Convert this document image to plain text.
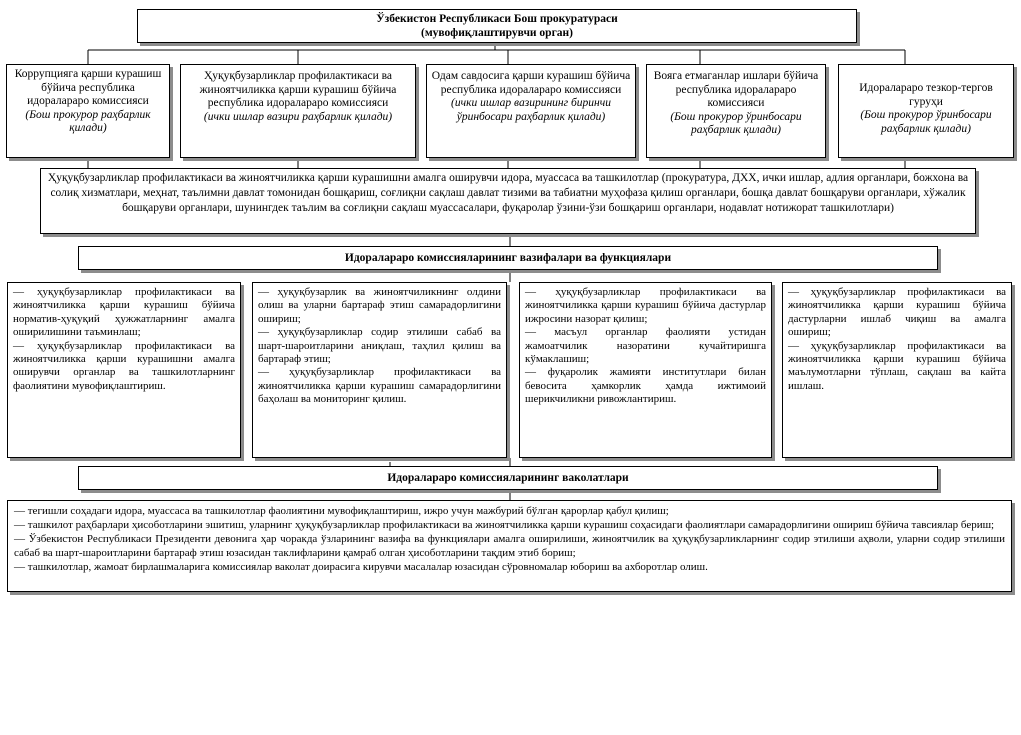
Ўзбекистон Республикаси Бош прокуратураси
(мувофиқлаштирувчи орган)
Коррупцияга қарши курашиш бўйича республика идоралараро комиссияси
(Бош прокурор раҳбарлик қилади)
Ҳуқуқбузарликлар профилактикаси ва жиноятчиликка қарши курашиш бўйича республика идоралараро комиссияси
(ички ишлар вазири раҳбарлик қилади)
Одам савдосига қарши курашиш бўйича республика идоралараро комиссияси
(ички ишлар вазирининг биринчи ўринбосари раҳбарлик қилади)
Вояга етмаганлар ишлари бўйича республика идоралараро комиссияси
(Бош прокурор ўринбосари раҳбарлик қилади)
Идоралараро тезкор-тергов гуруҳи
(Бош прокурор ўринбосари раҳбарлик қилади)
Ҳуқуқбузарликлар профилактикаси ва жиноятчиликка қарши курашишни амалга оширувчи идора, муассаса ва ташкилотлар (прокуратура, ДХХ, ички ишлар, адлия органлари, божхона ва солиқ хизматлари, меҳнат, таълимни давлат томонидан бошқариш, соғлиқни сақлаш давлат тизими ва табиатни муҳофаза қилиш органлари, бошқа давлат бошқаруви органлари, хўжалик бошқаруви органлари, шунингдек таълим ва соғлиқни сақлаш муассасалари, фуқаролар ўзини-ўзи бошқариш органлари, нодавлат нотижорат ташкилотлари)
Идоралараро комиссияларининг вазифалари ва функциялари

— ҳуқуқбузарликлар профилактикаси ва жиноятчиликка қарши курашиш бўйича норматив-ҳуқуқий ҳужжатларнинг амалга оширилишини таъминлаш;

— ҳуқуқбузарликлар профилактикаси ва жиноятчиликка қарши курашишни амалга оширувчи органлар ва ташкилотларнинг фаолиятини мувофиқлаштириш.

— ҳуқуқбузарлик ва жиноятчиликнинг олдини олиш ва уларни бартараф этиш самарадорлигини ошириш;

— ҳуқуқбузарликлар содир этилиши сабаб ва шарт-шароитларини аниқлаш, таҳлил қилиш ва бартараф этиш;

— ҳуқуқбузарликлар профилактикаси ва жиноятчиликка қарши курашиш самарадорлигини баҳолаш ва мониторинг қилиш.

— ҳуқуқбузарликлар профилактикаси ва жиноятчиликка қарши курашиш бўйича дастурлар ижросини назорат қилиш;

— масъул органлар фаолияти устидан жамоатчилик назоратини кучайтиришга кўмаклашиш;

— фуқаролик жамияти институтлари билан бевосита ҳамкорлик ҳамда ижтимоий шерикчиликни ривожлантириш.

— ҳуқуқбузарликлар профилактикаси ва жиноятчиликка қарши курашиш бўйича дастурларни ишлаб чиқиш ва амалга ошириш;

— ҳуқуқбузарликлар профилактикаси ва жиноятчиликка қарши курашиш бўйича маълумотларни тўплаш, сақлаш ва кайта ишлаш.

Идоралараро комиссияларининг ваколатлари

— тегишли соҳадаги идора, муассаса ва ташкилотлар фаолиятини мувофиқлаштириш, ижро учун мажбурий бўлган қарорлар қабул қилиш;

— ташкилот раҳбарлари ҳисоботларини эшитиш, уларнинг ҳуқуқбузарликлар профилактикаси ва жиноятчиликка қарши курашиш соҳасидаги фаолиятлари самарадорлигини ошириш бўйича тавсиялар бериш;

— Ўзбекистон Республикаси Президенти девонига ҳар чоракда ўзларининг вазифа ва функциялари амалга оширилиши, жиноятчилик ва ҳуқуқбузарликларнинг содир этилиши аҳволи, уларни содир этилиши сабаб ва шарт-шароитларини бартараф этиш юзасидан таклифларини қамраб олган ҳисоботларини тақдим этиб бориш;

— ташкилотлар, жамоат бирлашмаларига комиссиялар ваколат доирасига кирувчи масалалар юзасидан сўровномалар юбориш ва ахборотлар олиш.
